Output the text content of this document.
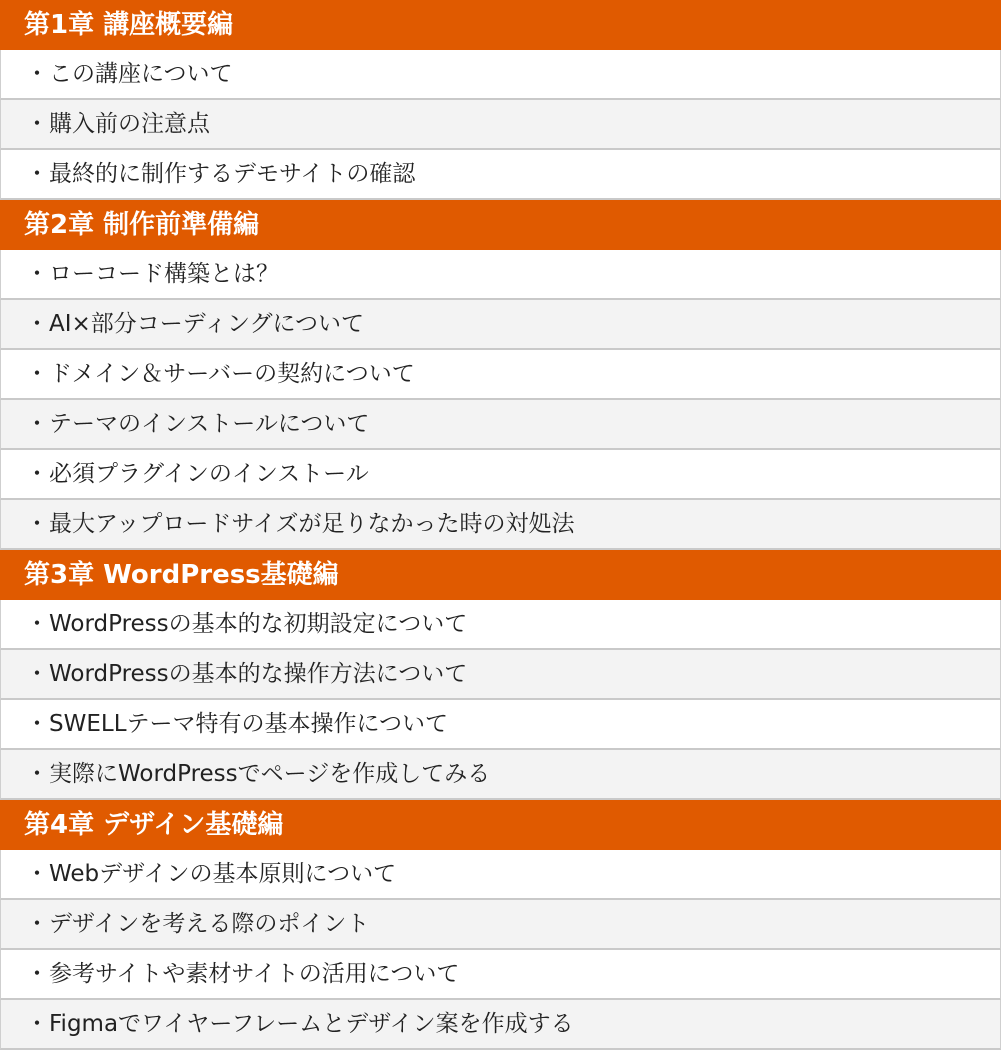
第1章 講座概要編
・この講座について
・購入前の注意点
・最終的に制作するデモサイトの確認
第2章 制作前準備編
・ローコード構築とは？
・AI×部分コーディングについて
・ドメイン＆サーバーの契約について
・テーマのインストールについて
・必須プラグインのインストール
・最大アップロードサイズが足りなかった時の対処法
第3章 WordPress基礎編
・WordPressの基本的な初期設定について
・WordPressの基本的な操作方法について
・SWELLテーマ特有の基本操作について
・実際にWordPressでページを作成してみる
第4章 デザイン基礎編
・Webデザインの基本原則について
・デザインを考える際のポイント
・参考サイトや素材サイトの活用について
・Figmaでワイヤーフレームとデザイン案を作成する
